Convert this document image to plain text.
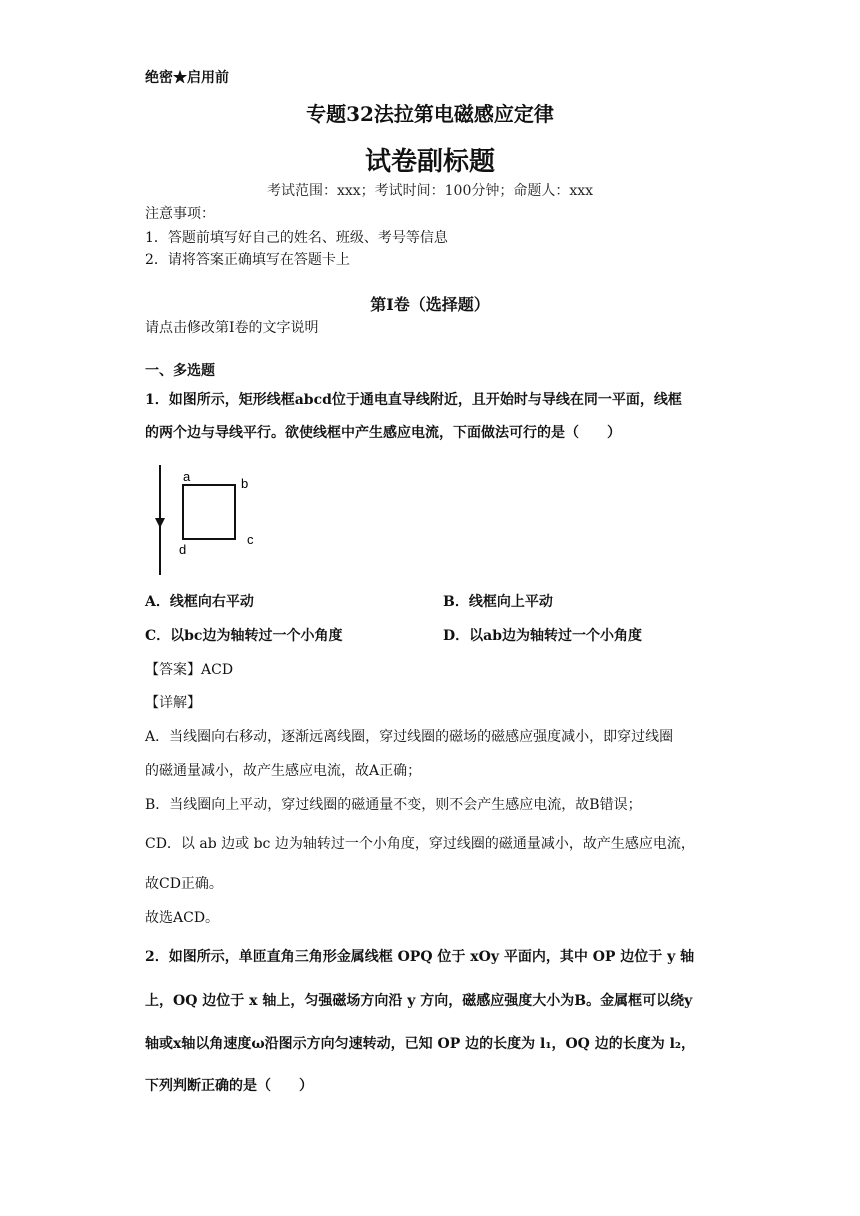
绝密★启用前
专题32法拉第电磁感应定律
试卷副标题
考试范围：xxx；考试时间：100分钟；命题人：xxx
注意事项：
1．答题前填写好自己的姓名、班级、考号等信息
2．请将答案正确填写在答题卡上
第I卷（选择题）
请点击修改第I卷的文字说明
一、多选题
1．如图所示，矩形线框abcd位于通电直导线附近，且开始时与导线在同一平面，线框
的两个边与导线平行。欲使线框中产生感应电流，下面做法可行的是（　　）
a	b
c
d
A．线框向右平动	B．线框向上平动
C．以bc边为轴转过一个小角度	D．以ab边为轴转过一个小角度
【答案】ACD
【详解】
A．当线圈向右移动，逐渐远离线圈，穿过线圈的磁场的磁感应强度减小，即穿过线圈
的磁通量减小，故产生感应电流，故A正确；
B．当线圈向上平动，穿过线圈的磁通量不变，则不会产生感应电流，故B错误；
CD．以 ab 边或 bc 边为轴转过一个小角度，穿过线圈的磁通量减小，故产生感应电流，
故CD正确。
故选ACD。
2．如图所示，单匝直角三角形金属线框 OPQ 位于 xOy 平面内，其中 OP 边位于 y 轴
上，OQ 边位于 x 轴上，匀强磁场方向沿 y 方向，磁感应强度大小为B。金属框可以绕y
轴或x轴以角速度ω沿图示方向匀速转动，已知 OP 边的长度为 l₁，OQ 边的长度为 l₂，
下列判断正确的是（　　）
